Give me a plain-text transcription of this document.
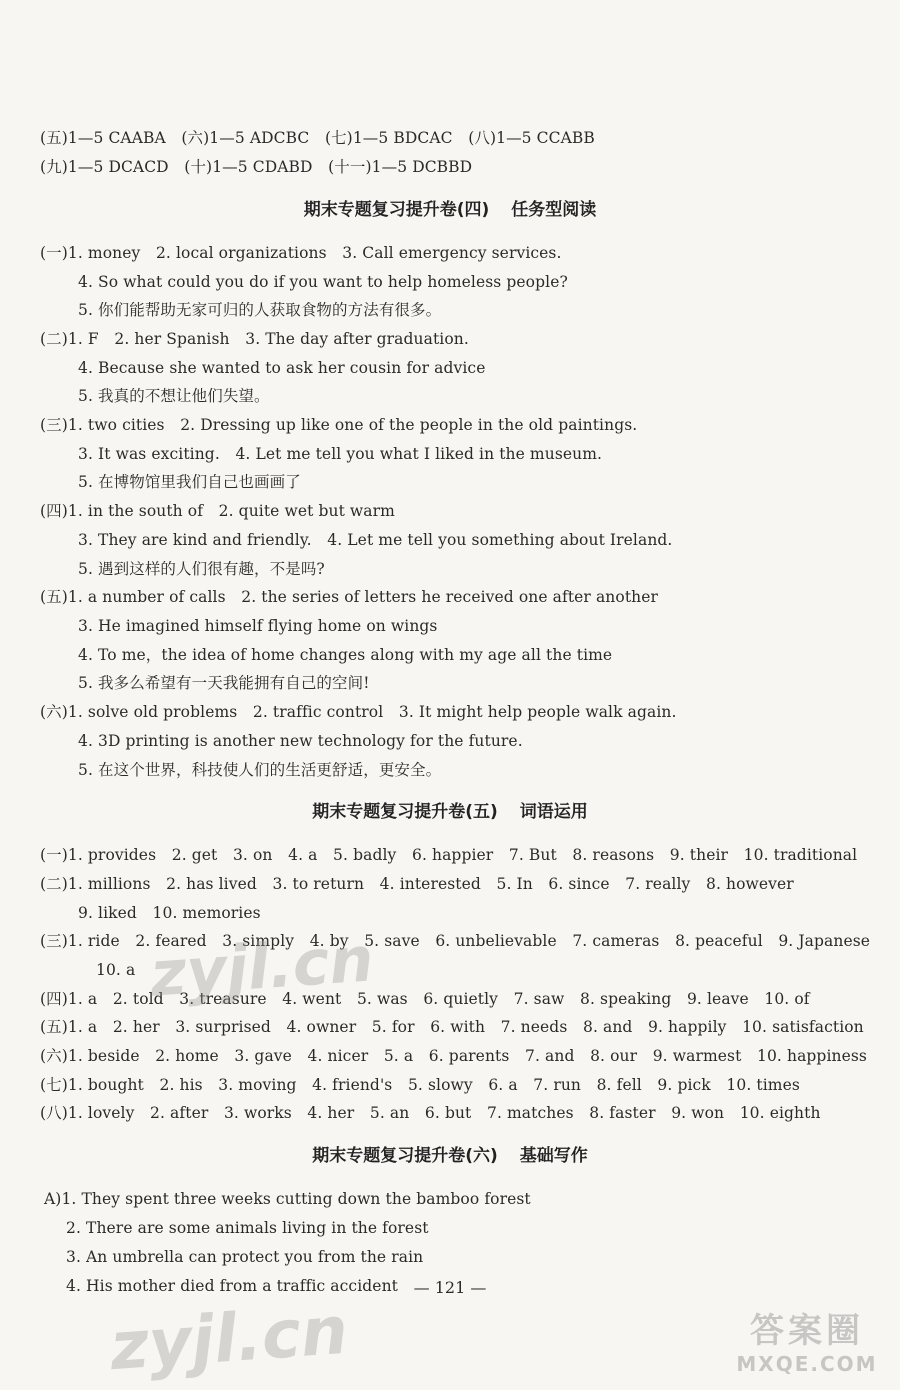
(五)1—5 CAABA　(六)1—5 ADCBC　(七)1—5 BDCAC　(八)1—5 CCABB
(九)1—5 DCACD　(十)1—5 CDABD　(十一)1—5 DCBBD
期末专题复习提升卷(四) 任务型阅读
(一)1. money　2. local organizations　3. Call emergency services.
4. So what could you do if you want to help homeless people?
5. 你们能帮助无家可归的人获取食物的方法有很多。
(二)1. F　2. her Spanish　3. The day after graduation.
4. Because she wanted to ask her cousin for advice
5. 我真的不想让他们失望。
(三)1. two cities　2. Dressing up like one of the people in the old paintings.
3. It was exciting.　4. Let me tell you what I liked in the museum.
5. 在博物馆里我们自己也画画了
(四)1. in the south of　2. quite wet but warm
3. They are kind and friendly.　4. Let me tell you something about Ireland.
5. 遇到这样的人们很有趣，不是吗?
(五)1. a number of calls　2. the series of letters he received one after another
3. He imagined himself flying home on wings
4. To me，the idea of home changes along with my age all the time
5. 我多么希望有一天我能拥有自己的空间!
(六)1. solve old problems　2. traffic control　3. It might help people walk again.
4. 3D printing is another new technology for the future.
5. 在这个世界，科技使人们的生活更舒适，更安全。
期末专题复习提升卷(五) 词语运用
(一)1. provides　2. get　3. on　4. a　5. badly　6. happier　7. But　8. reasons　9. their　10. traditional
(二)1. millions　2. has lived　3. to return　4. interested　5. In　6. since　7. really　8. however
9. liked　10. memories
(三)1. ride　2. feared　3. simply　4. by　5. save　6. unbelievable　7. cameras　8. peaceful　9. Japanese
10. a
(四)1. a　2. told　3. treasure　4. went　5. was　6. quietly　7. saw　8. speaking　9. leave　10. of
(五)1. a　2. her　3. surprised　4. owner　5. for　6. with　7. needs　8. and　9. happily　10. satisfaction
(六)1. beside　2. home　3. gave　4. nicer　5. a　6. parents　7. and　8. our　9. warmest　10. happiness
(七)1. bought　2. his　3. moving　4. friend's　5. slowy　6. a　7. run　8. fell　9. pick　10. times
(八)1. lovely　2. after　3. works　4. her　5. an　6. but　7. matches　8. faster　9. won　10. eighth
期末专题复习提升卷(六) 基础写作
A)1. They spent three weeks cutting down the bamboo forest
2. There are some animals living in the forest
3. An umbrella can protect you from the rain
4. His mother died from a traffic accident — 121 —
zyjl.cn
zyjl.cn	答案圈
MXQE.COM
